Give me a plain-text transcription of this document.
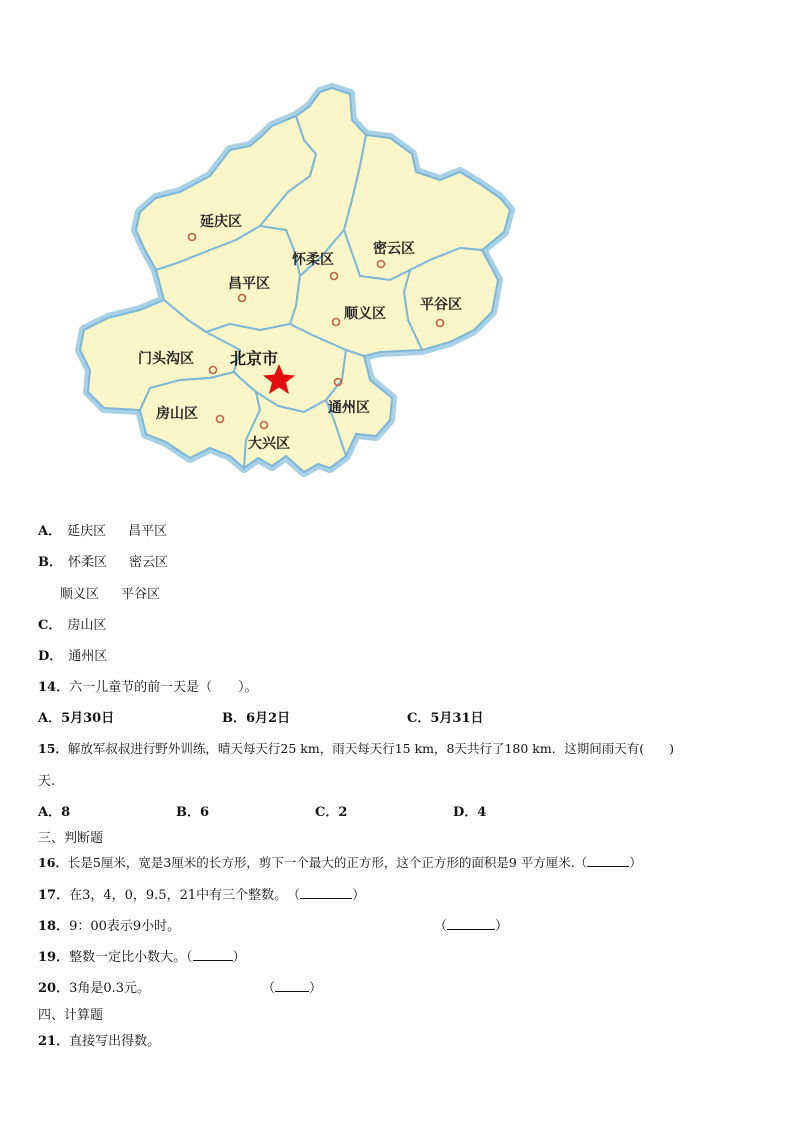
延庆区
怀柔区
密云区
昌平区
平谷区
顺义区
门头沟区
房山区	通州区
大兴区
北京市
A． 延庆区 昌平区
B． 怀柔区 密云区
顺义区 平谷区
C． 房山区
D． 通州区
14．六一儿童节的前一天是（　　）。
A．5月30日	B．6月2日	C．5月31日
15．解放军叔叔进行野外训练，晴天每天行25 km，雨天每天行15 km，8天共行了180 km．这期间雨天有(　　)
天.
A．8	B．6	C．2	D．4
三、判断题
16．长是5厘米，宽是3厘米的长方形，剪下一个最大的正方形，这个正方形的面积是9 平方厘米.（	）
17．在3，4，0，9.5，21中有三个整数。　（	）
18．9：00表示9小时。	（	）
19．整数一定比小数大。（	）
20．3角是0.3元。	（	）
四、计算题
21．直接写出得数。
